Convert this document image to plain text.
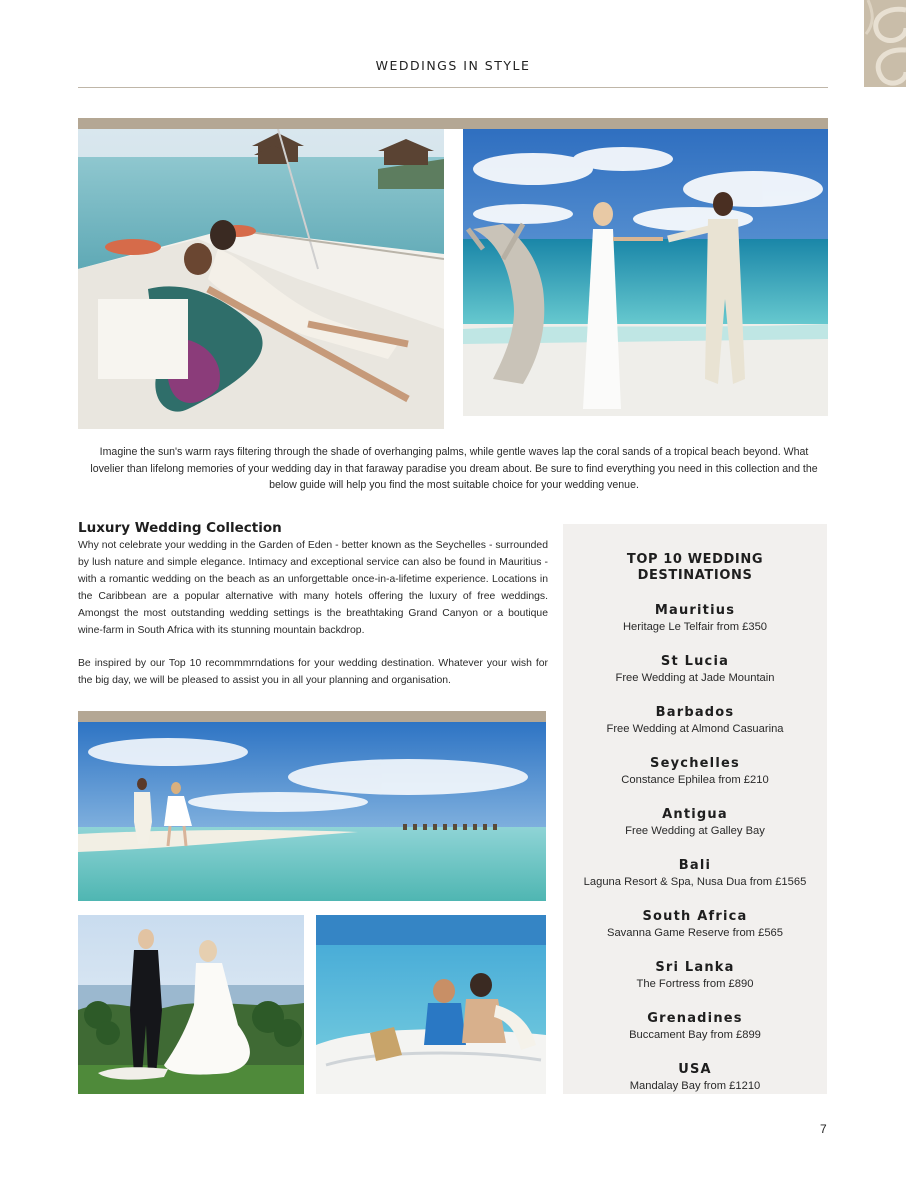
WEDDINGS IN STYLE
Imagine the sun's warm rays filtering through the shade of overhanging palms, while gentle waves lap the coral sands of a tropical beach beyond. What lovelier than lifelong memories of your wedding day in that faraway paradise you dream about. Be sure to find everything you need in this collection and the below guide will help you find the most suitable choice for your wedding venue.
Luxury Wedding Collection

Why not celebrate your wedding in the Garden of Eden - better known as the Seychelles - surrounded by lush nature and simple elegance. Intimacy and exceptional service can also be found in Mauritius - with a romantic wedding on the beach as an unforgettable once-in-a-lifetime experience. Locations in the Caribbean are a popular alternative with many hotels offering the luxury of free weddings. Amongst the most outstanding wedding settings is the breathtaking Grand Canyon or a boutique wine-farm in South Africa with its stunning mountain backdrop.

Be inspired by our Top 10 recommmrndations for your wedding destination. Whatever your wish for the big day, we will be pleased to assist you in all your planning and organisation.

TOP 10 WEDDING DESTINATIONS
Mauritius
Heritage Le Telfair from £350
St Lucia
Free Wedding at Jade Mountain
Barbados
Free Wedding at Almond Casuarina
Seychelles
Constance Ephilea from £210
Antigua
Free Wedding at Galley Bay
Bali
Laguna Resort & Spa, Nusa Dua from £1565
South Africa
Savanna Game Reserve from £565
Sri Lanka
The Fortress from £890
Grenadines
Buccament Bay from £899
USA
Mandalay Bay from £1210
7
